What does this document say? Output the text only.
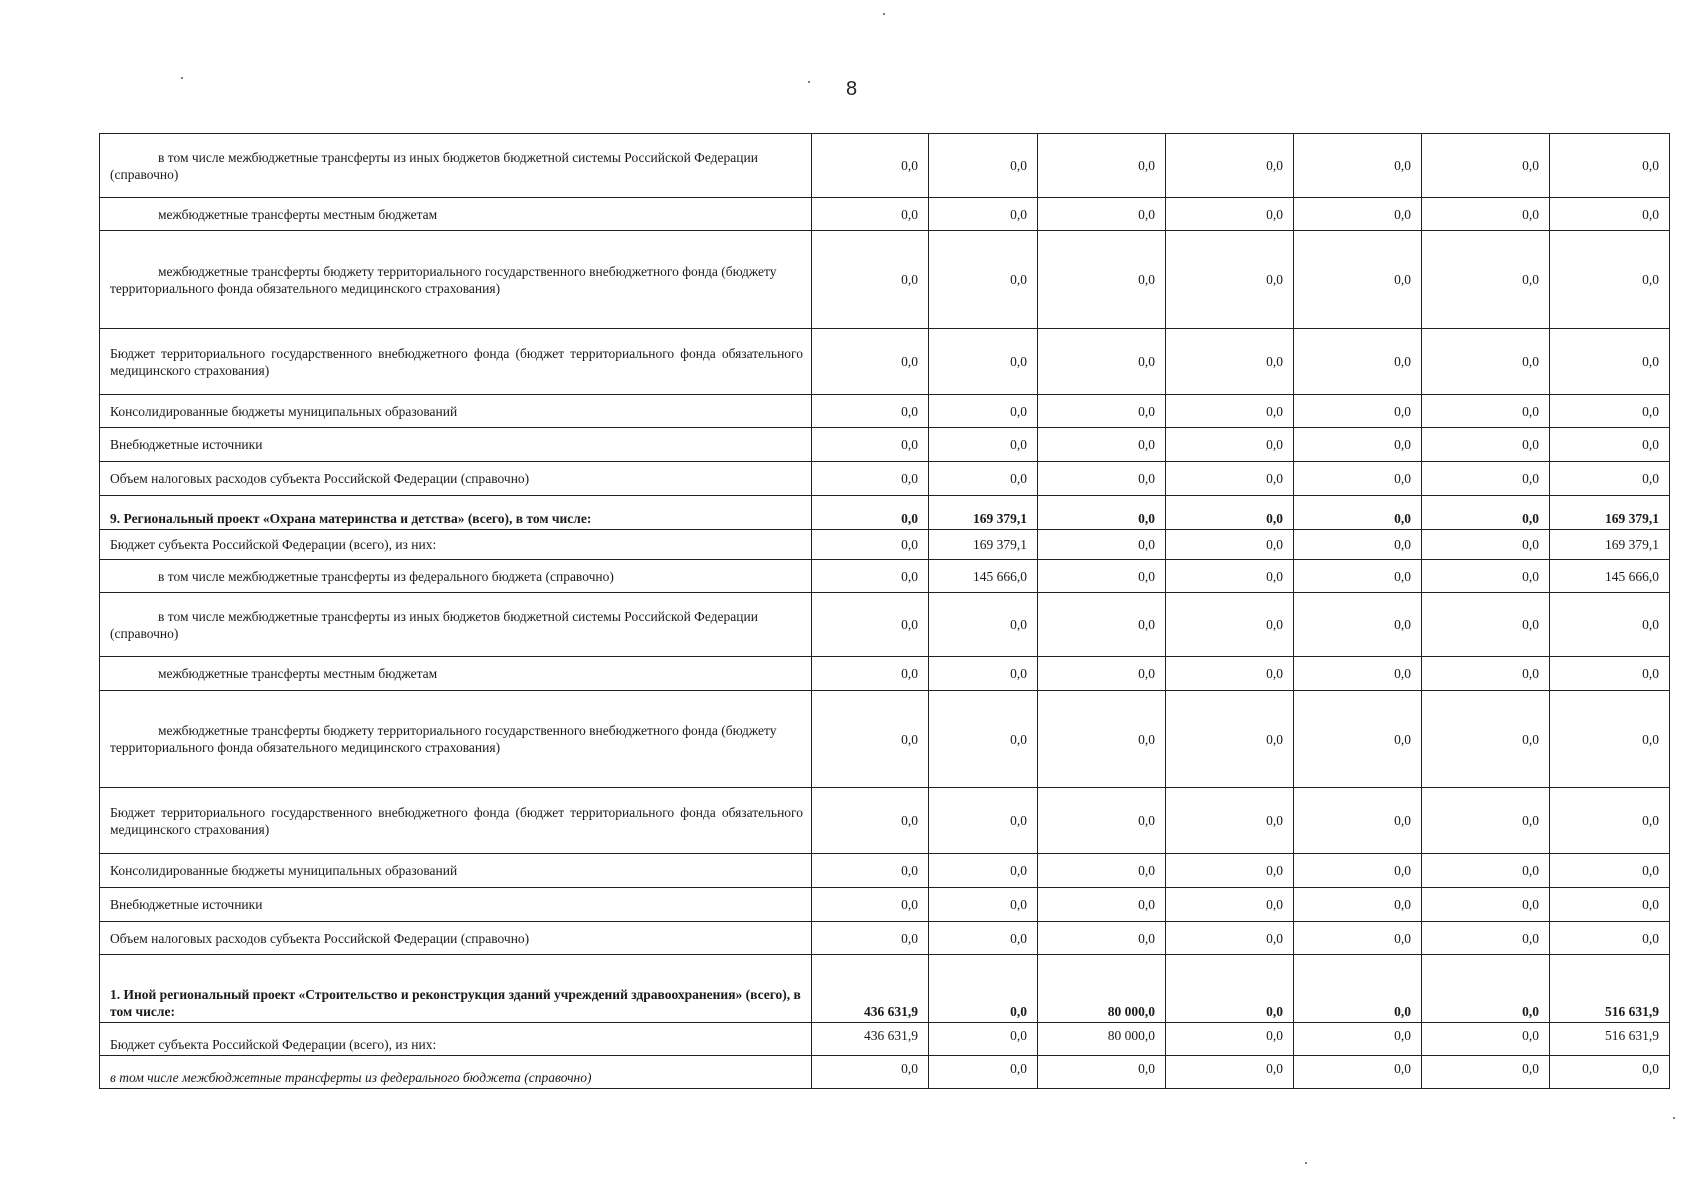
8
в том числе межбюджетные трансферты из иных бюджетов бюджетной системы Российской Федерации (справочно)	0,0	0,0	0,0	0,0	0,0	0,0	0,0
межбюджетные трансферты местным бюджетам	0,0	0,0	0,0	0,0	0,0	0,0	0,0
межбюджетные трансферты бюджету территориального государственного внебюджетного фонда (бюджету территориального фонда обязательного медицинского страхования)	0,0	0,0	0,0	0,0	0,0	0,0	0,0
Бюджет территориального государственного внебюджетного фонда (бюджет территориального фонда обязательного медицинского страхования)	0,0	0,0	0,0	0,0	0,0	0,0	0,0
Консолидированные бюджеты муниципальных образований	0,0	0,0	0,0	0,0	0,0	0,0	0,0
Внебюджетные источники	0,0	0,0	0,0	0,0	0,0	0,0	0,0
Объем налоговых расходов субъекта Российской Федерации (справочно)	0,0	0,0	0,0	0,0	0,0	0,0	0,0
9. Региональный проект «Охрана материнства и детства» (всего), в том числе:	0,0	169 379,1	0,0	0,0	0,0	0,0	169 379,1
Бюджет субъекта Российской Федерации (всего), из них:	0,0	169 379,1	0,0	0,0	0,0	0,0	169 379,1
в том числе межбюджетные трансферты из федерального бюджета (справочно)	0,0	145 666,0	0,0	0,0	0,0	0,0	145 666,0
в том числе межбюджетные трансферты из иных бюджетов бюджетной системы Российской Федерации (справочно)	0,0	0,0	0,0	0,0	0,0	0,0	0,0
межбюджетные трансферты местным бюджетам	0,0	0,0	0,0	0,0	0,0	0,0	0,0
межбюджетные трансферты бюджету территориального государственного внебюджетного фонда (бюджету территориального фонда обязательного медицинского страхования)	0,0	0,0	0,0	0,0	0,0	0,0	0,0
Бюджет территориального государственного внебюджетного фонда (бюджет территориального фонда обязательного медицинского страхования)	0,0	0,0	0,0	0,0	0,0	0,0	0,0
Консолидированные бюджеты муниципальных образований	0,0	0,0	0,0	0,0	0,0	0,0	0,0
Внебюджетные источники	0,0	0,0	0,0	0,0	0,0	0,0	0,0
Объем налоговых расходов субъекта Российской Федерации (справочно)	0,0	0,0	0,0	0,0	0,0	0,0	0,0
1. Иной региональный проект «Строительство и реконструкция зданий учреждений здравоохранения» (всего), в том числе:	436 631,9	0,0	80 000,0	0,0	0,0	0,0	516 631,9
Бюджет субъекта Российской Федерации (всего), из них:	436 631,9	0,0	80 000,0	0,0	0,0	0,0	516 631,9
в том числе межбюджетные трансферты из федерального бюджета (справочно)	0,0	0,0	0,0	0,0	0,0	0,0	0,0
